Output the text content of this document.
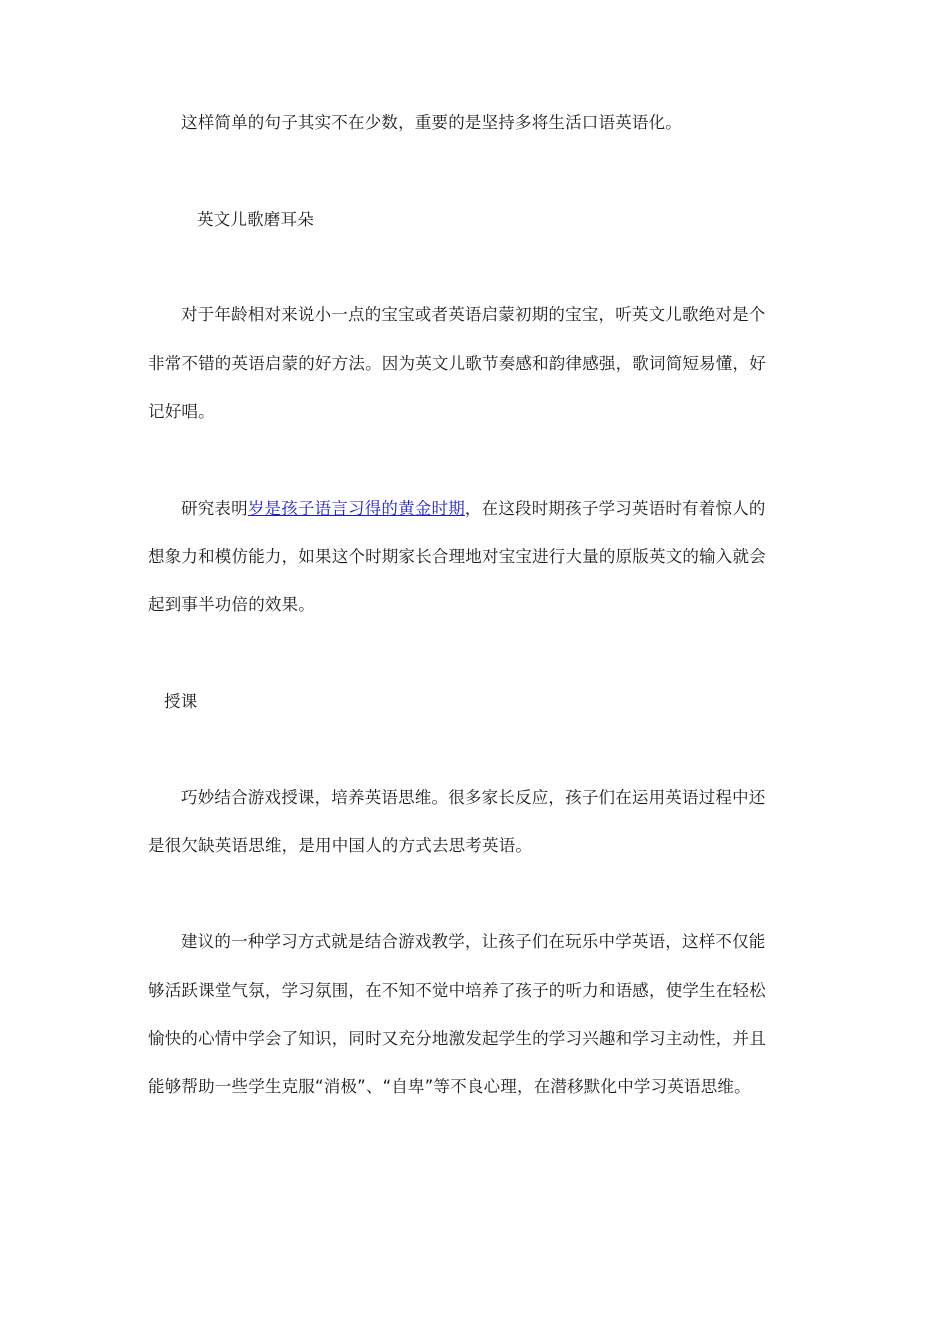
这样简单的句子其实不在少数，重要的是坚持多将生活口语英语化。
英文儿歌磨耳朵
对于年龄相对来说小一点的宝宝或者英语启蒙初期的宝宝，听英文儿歌绝对是个
非常不错的英语启蒙的好方法。因为英文儿歌节奏感和韵律感强，歌词简短易懂，好
记好唱。
研究表明岁是孩子语言习得的黄金时期，在这段时期孩子学习英语时有着惊人的
想象力和模仿能力，如果这个时期家长合理地对宝宝进行大量的原版英文的输入就会
起到事半功倍的效果。
授课
巧妙结合游戏授课，培养英语思维。很多家长反应，孩子们在运用英语过程中还
是很欠缺英语思维，是用中国人的方式去思考英语。
建议的一种学习方式就是结合游戏教学，让孩子们在玩乐中学英语，这样不仅能
够活跃课堂气氛，学习氛围，在不知不觉中培养了孩子的听力和语感，使学生在轻松
愉快的心情中学会了知识，同时又充分地激发起学生的学习兴趣和学习主动性，并且
能够帮助一些学生克服“消极”、“自卑”等不良心理，在潜移默化中学习英语思维。
